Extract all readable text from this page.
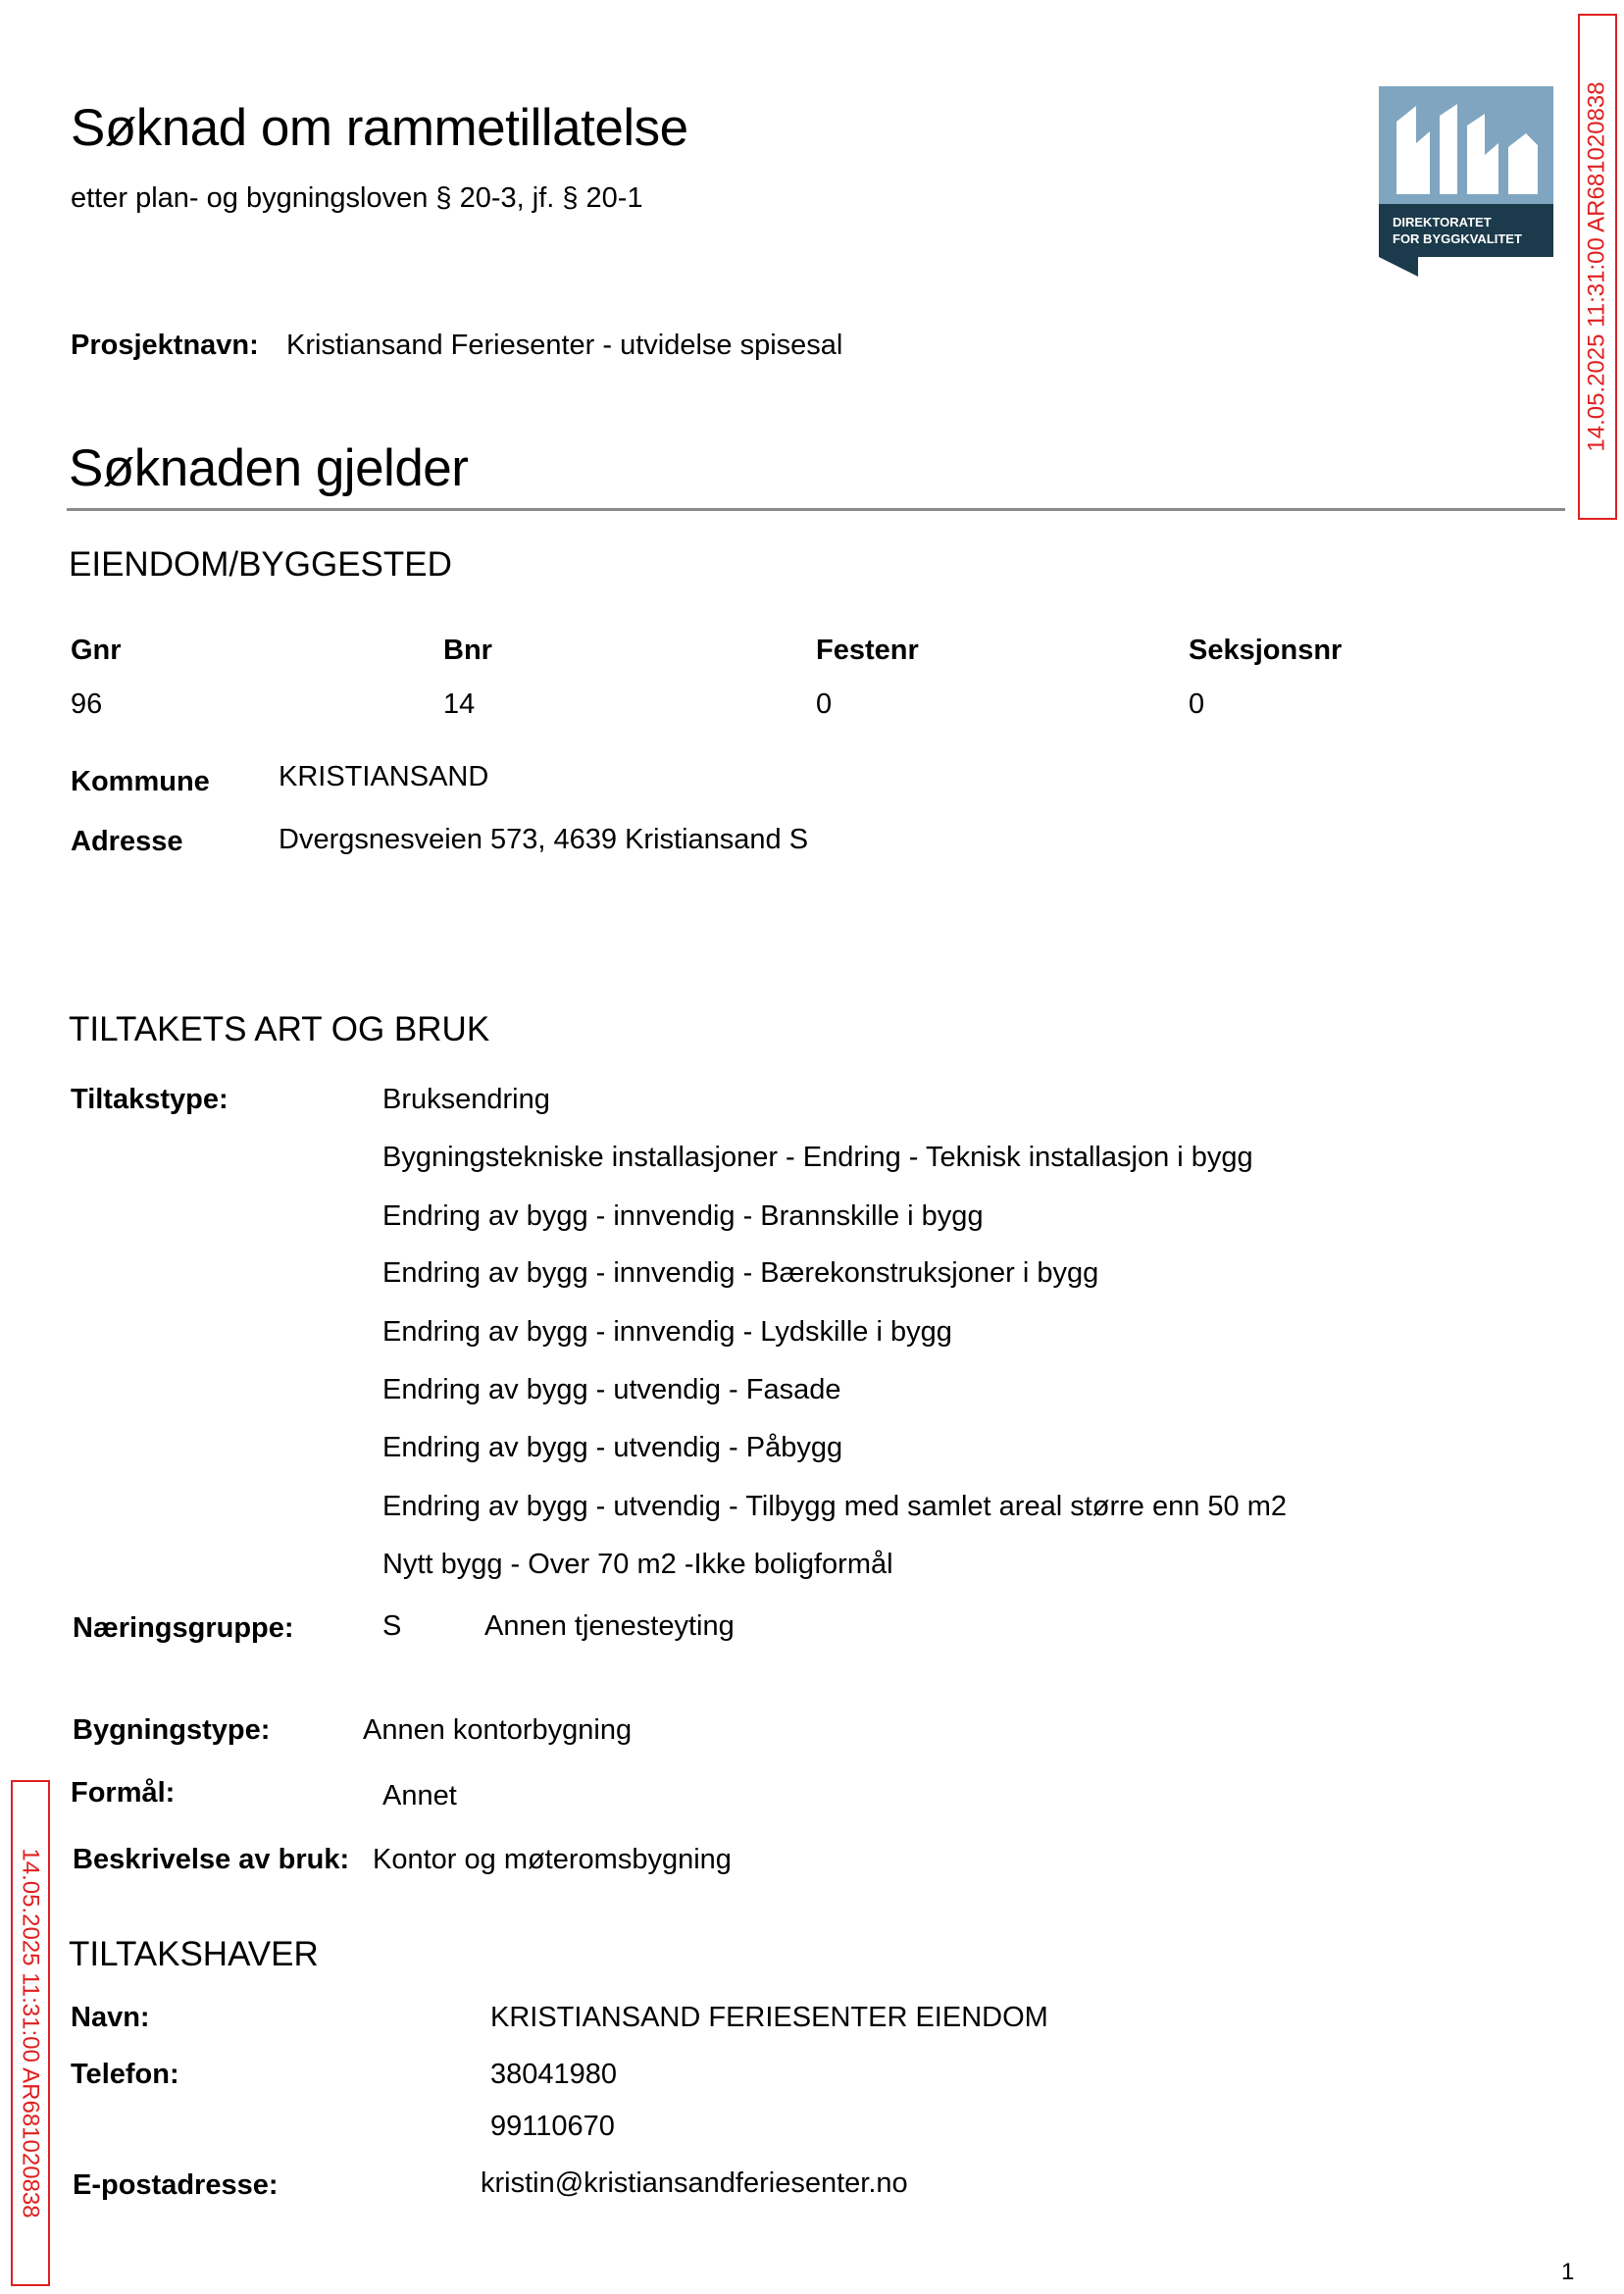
Søknad om rammetillatelse
etter plan- og bygningsloven § 20-3, jf. § 20-1
Prosjektnavn: Kristiansand Feriesenter - utvidelse spisesal
DIREKTORATET
FOR BYGGKVALITET	14.05.2025 11:31:00 AR681020838
14.05.2025 11:31:00 AR681020838
Søknaden gjelder
EIENDOM/BYGGESTED
Gnr	Bnr	Festenr	Seksjonsnr
96	14	0	0
Kommune KRISTIANSAND
Adresse	Dvergsnesveien 573, 4639 Kristiansand S
TILTAKETS ART OG BRUK
Tiltakstype:	Bruksendring
Bygningstekniske installasjoner - Endring - Teknisk installasjon i bygg
Endring av bygg - innvendig - Brannskille i bygg
Endring av bygg - innvendig - Bærekonstruksjoner i bygg
Endring av bygg - innvendig - Lydskille i bygg
Endring av bygg - utvendig - Fasade
Endring av bygg - utvendig - Påbygg
Endring av bygg - utvendig - Tilbygg med samlet areal større enn 50 m2
Nytt bygg - Over 70 m2 -Ikke boligformål
Næringsgruppe:	S	Annen tjenesteyting
Bygningstype:	Annen kontorbygning
Formål:	Annet
Beskrivelse av bruk: Kontor og møteromsbygning
TILTAKSHAVER
Navn:	KRISTIANSAND FERIESENTER EIENDOM
Telefon:	38041980
99110670
E-postadresse:	kristin@kristiansandferiesenter.no
1
